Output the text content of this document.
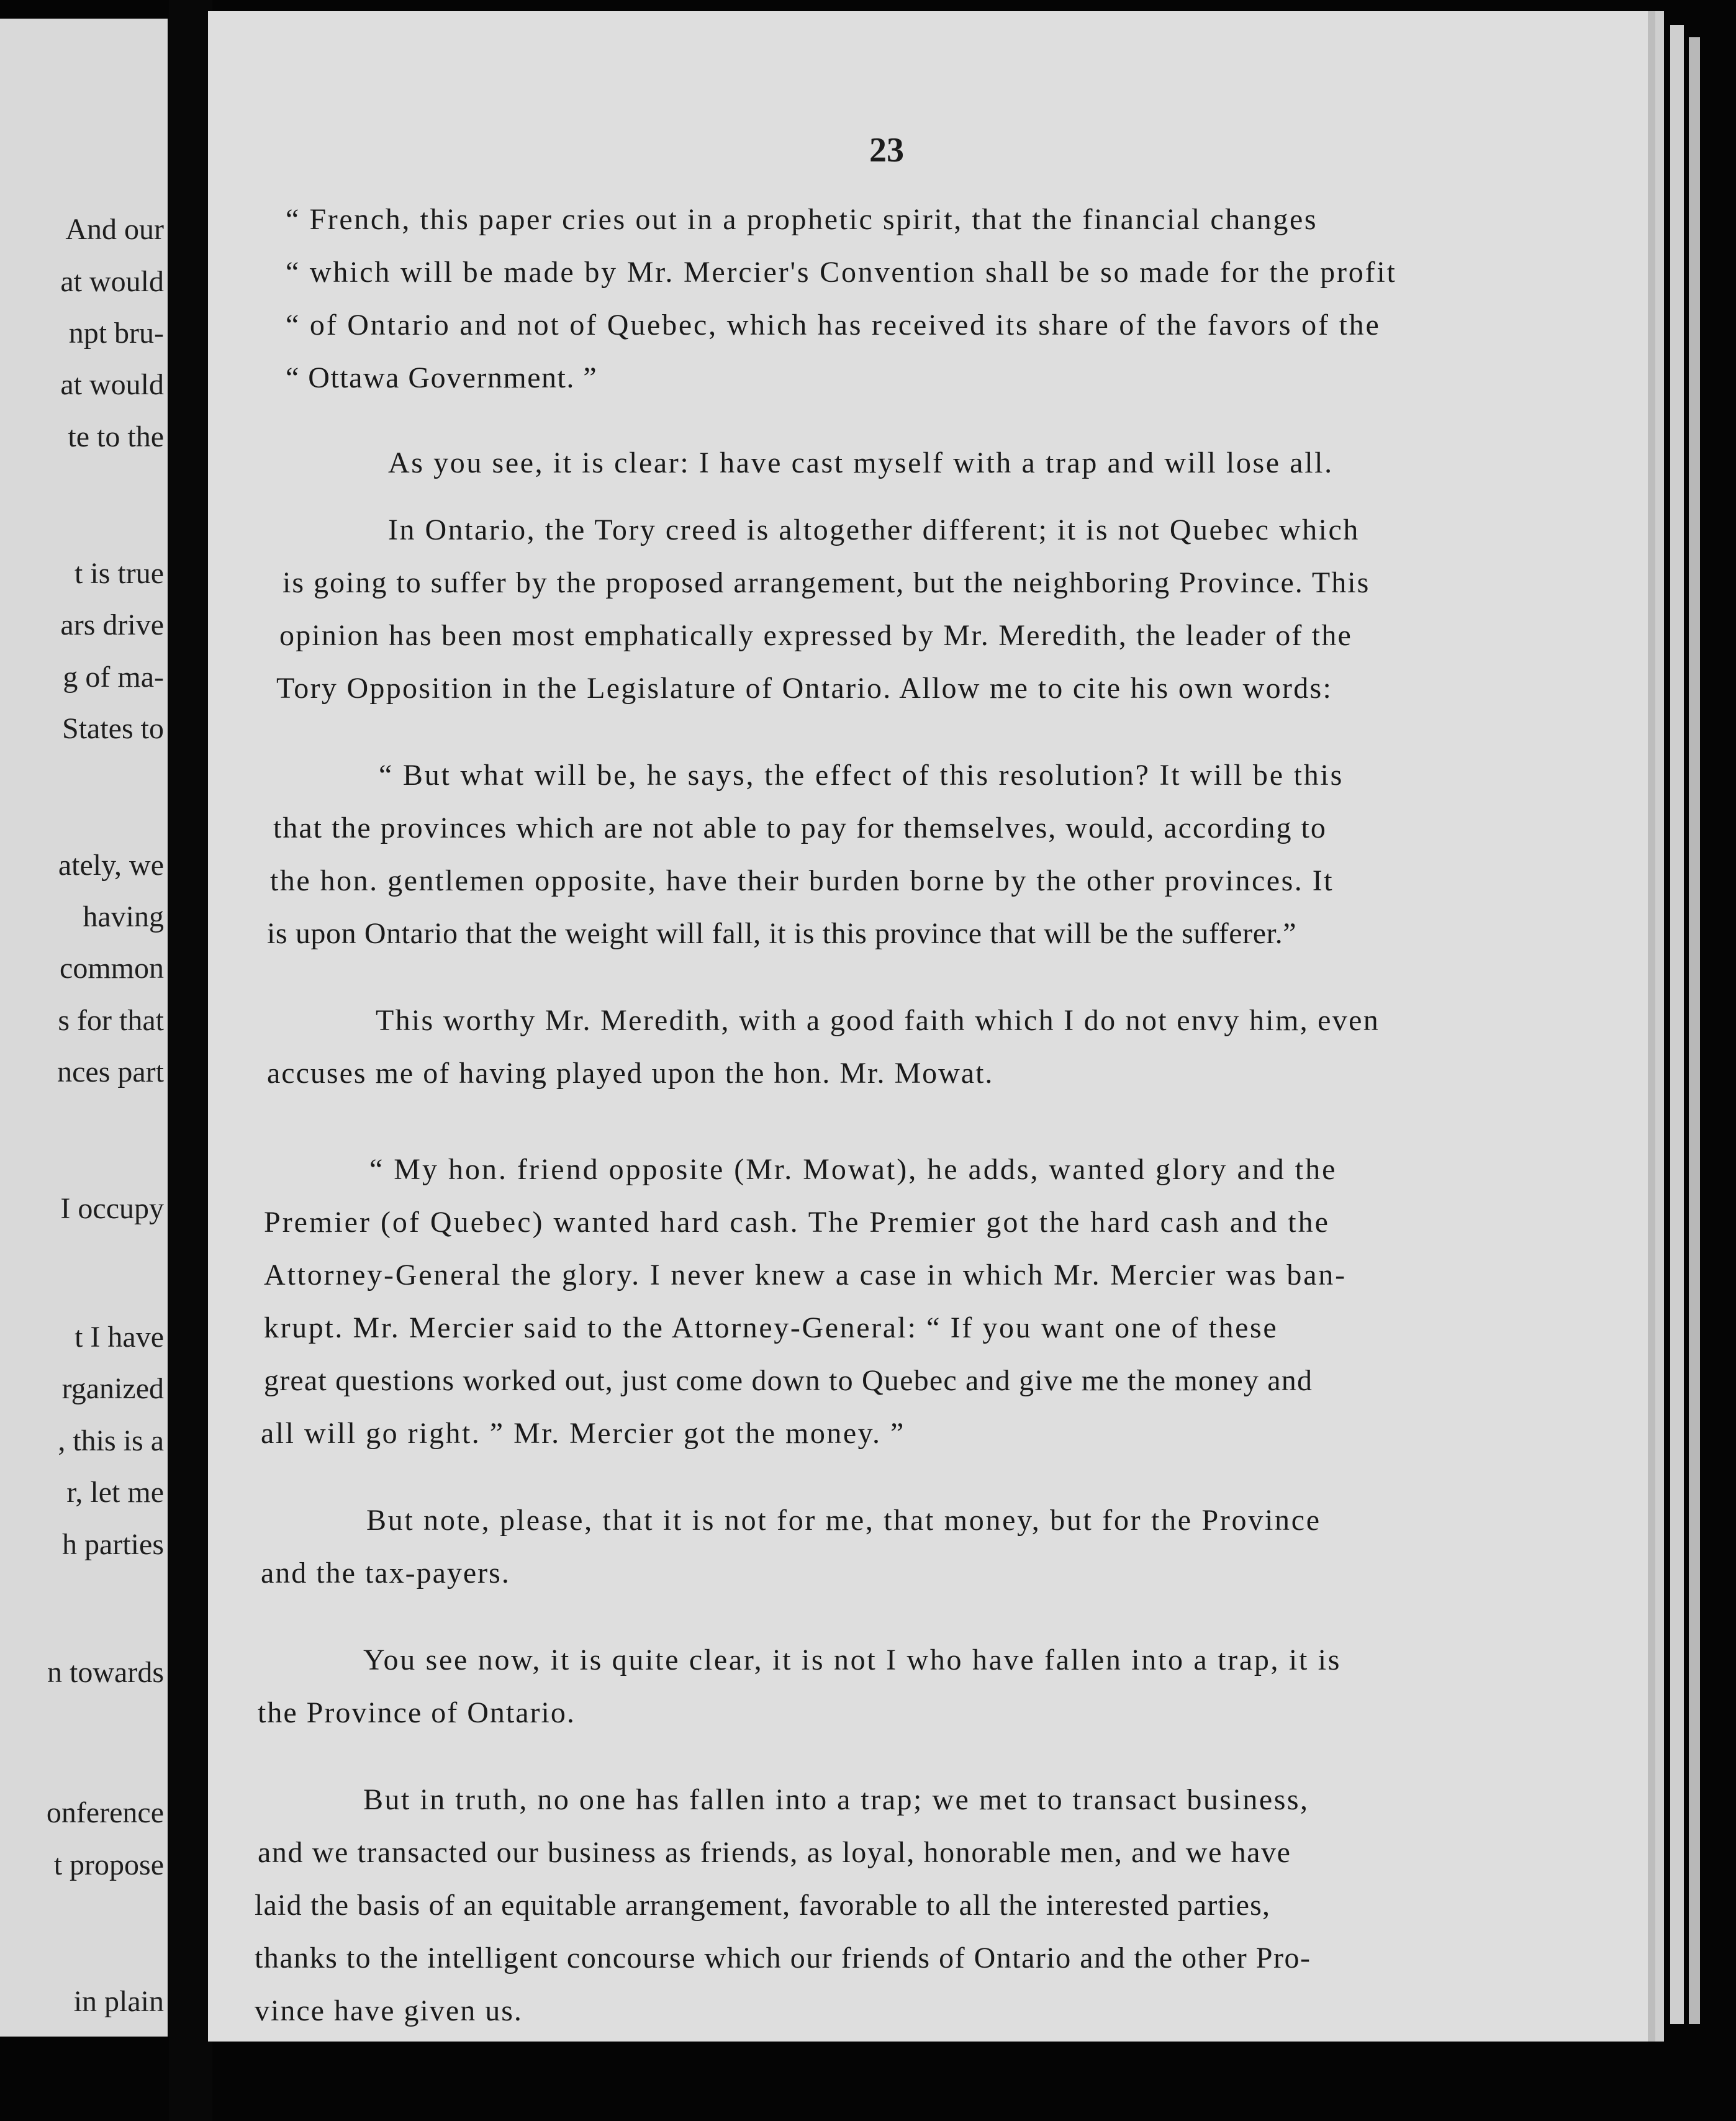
And our
at would
npt bru-
at would
te to the
t is true
ars drive
g of ma-
States to
ately, we
having
common
s for that
nces part
I occupy
t I have
rganized
, this is a
r, let me
h parties
n towards
onference
t propose
in plain
23
“ French, this paper cries out in a prophetic spirit, that the financial changes
“ which will be made by Mr. Mercier's Convention shall be so made for the profit
“ of Ontario and not of Quebec, which has received its share of the favors of the
“ Ottawa Government. ”
As you see, it is clear: I have cast myself with a trap and will lose all.
In Ontario, the Tory creed is altogether different; it is not Quebec which
is going to suffer by the proposed arrangement, but the neighboring Province. This
opinion has been most emphatically expressed by Mr. Meredith, the leader of the
Tory Opposition in the Legislature of Ontario. Allow me to cite his own words:
“ But what will be, he says, the effect of this resolution? It will be this
that the provinces which are not able to pay for themselves, would, according to
the hon. gentlemen opposite, have their burden borne by the other provinces. It
is upon Ontario that the weight will fall, it is this province that will be the sufferer.”
This worthy Mr. Meredith, with a good faith which I do not envy him, even
accuses me of having played upon the hon. Mr. Mowat.
“ My hon. friend opposite (Mr. Mowat), he adds, wanted glory and the
Premier (of Quebec) wanted hard cash. The Premier got the hard cash and the
Attorney-General the glory. I never knew a case in which Mr. Mercier was ban-
krupt. Mr. Mercier said to the Attorney-General: “ If you want one of these
great questions worked out, just come down to Quebec and give me the money and
all will go right. ” Mr. Mercier got the money. ”
But note, please, that it is not for me, that money, but for the Province
and the tax-payers.
You see now, it is quite clear, it is not I who have fallen into a trap, it is
the Province of Ontario.
But in truth, no one has fallen into a trap; we met to transact business,
and we transacted our business as friends, as loyal, honorable men, and we have
laid the basis of an equitable arrangement, favorable to all the interested parties,
thanks to the intelligent concourse which our friends of Ontario and the other Pro-
vince have given us.
